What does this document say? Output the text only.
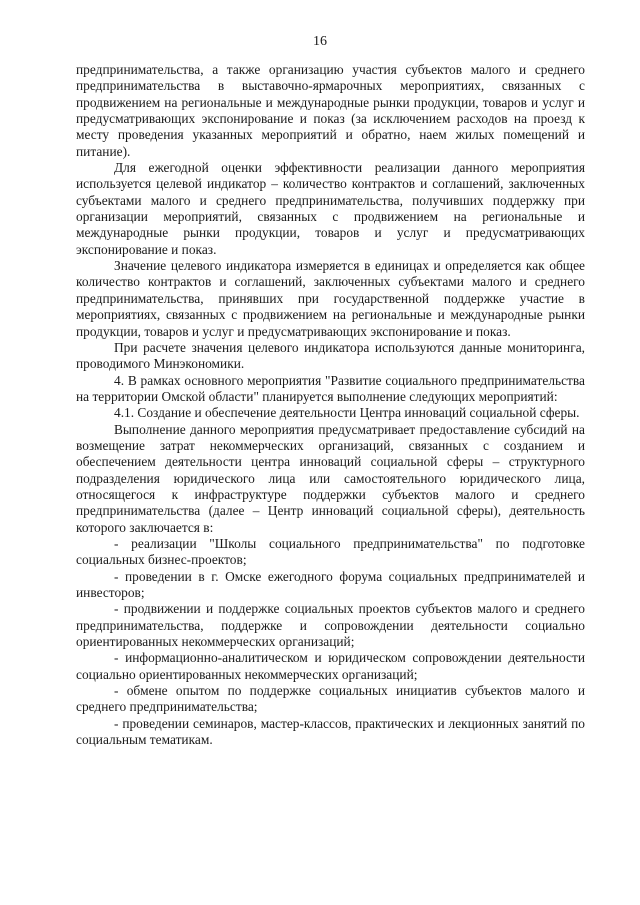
16

предпринимательства, а также организацию участия субъектов малого и среднего предпринимательства в выставочно-ярмарочных мероприятиях, связанных с продвижением на региональные и международные рынки продукции, товаров и услуг и предусматривающих экспонирование и показ (за исключением расходов на проезд к месту проведения указанных мероприятий и обратно, наем жилых помещений и питание).

Для ежегодной оценки эффективности реализации данного мероприятия используется целевой индикатор – количество контрактов и соглашений, заключенных субъектами малого и среднего предпринимательства, получивших поддержку при организации мероприятий, связанных с продвижением на региональные и международные рынки продукции, товаров и услуг и предусматривающих экспонирование и показ.

Значение целевого индикатора измеряется в единицах и определяется как общее количество контрактов и соглашений, заключенных субъектами малого и среднего предпринимательства, принявших при государственной поддержке участие в мероприятиях, связанных с продвижением на региональные и международные рынки продукции, товаров и услуг и предусматривающих экспонирование и показ.

При расчете значения целевого индикатора используются данные мониторинга, проводимого Минэкономики.

4. В рамках основного мероприятия "Развитие социального предпринимательства на территории Омской области" планируется выполнение следующих мероприятий:

4.1. Создание и обеспечение деятельности Центра инноваций социальной сферы.

Выполнение данного мероприятия предусматривает предоставление субсидий на возмещение затрат некоммерческих организаций, связанных с созданием и обеспечением деятельности центра инноваций социальной сферы – структурного подразделения юридического лица или самостоятельного юридического лица, относящегося к инфраструктуре поддержки субъектов малого и среднего предпринимательства (далее – Центр инноваций социальной сферы), деятельность которого заключается в:

- реализации "Школы социального предпринимательства" по подготовке социальных бизнес-проектов;

- проведении в г. Омске ежегодного форума социальных предпринимателей и инвесторов;

- продвижении и поддержке социальных проектов субъектов малого и среднего предпринимательства, поддержке и сопровождении деятельности социально ориентированных некоммерческих организаций;

- информационно-аналитическом и юридическом сопровождении деятельности социально ориентированных некоммерческих организаций;

- обмене опытом по поддержке социальных инициатив субъектов малого и среднего предпринимательства;

- проведении семинаров, мастер-классов, практических и лекционных занятий по социальным тематикам.
